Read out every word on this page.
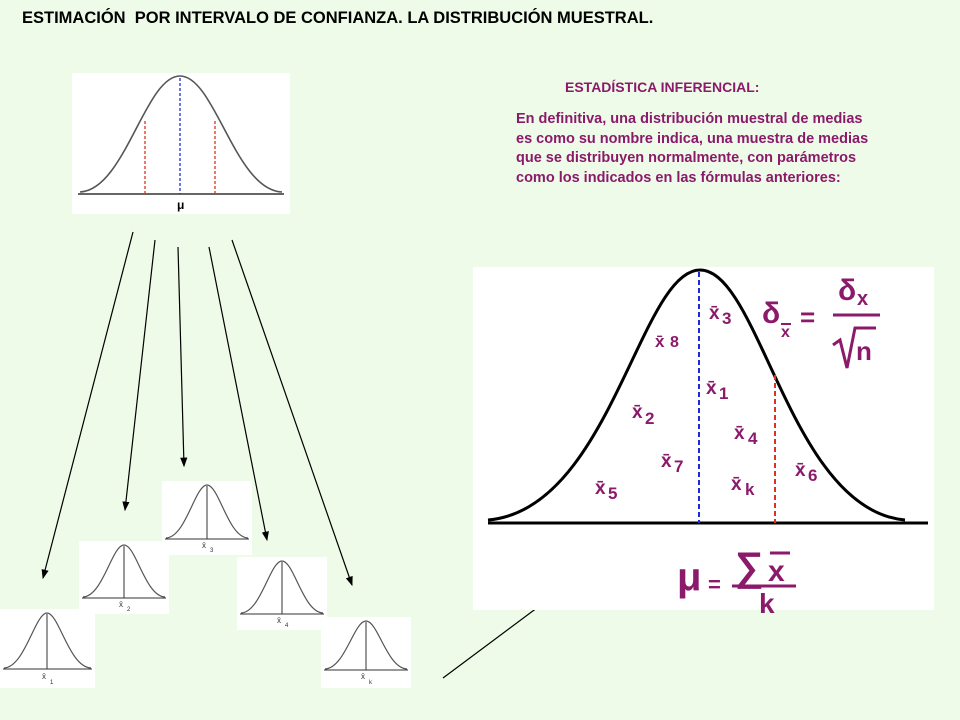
ESTIMACIÓN  POR INTERVALO DE CONFIANZA. LA DISTRIBUCIÓN MUESTRAL.
ESTADÍSTICA INFERENCIAL:
En definitiva, una distribución muestral de medias es como su nombre indica, una muestra de medias que se distribuyen normalmente, con parámetros como los indicados en las fórmulas anteriores:
μ
x̄
3
x̄
2
x̄
4
x̄
1
x̄
k
x̄ 3
x̄ 8
x̄ 1
x̄ 2
x̄ 4
x̄ 7
x̄ k
x̄ 6
x̄ 5
δ
x
=
δ x
n
μ = ∑ x
k
